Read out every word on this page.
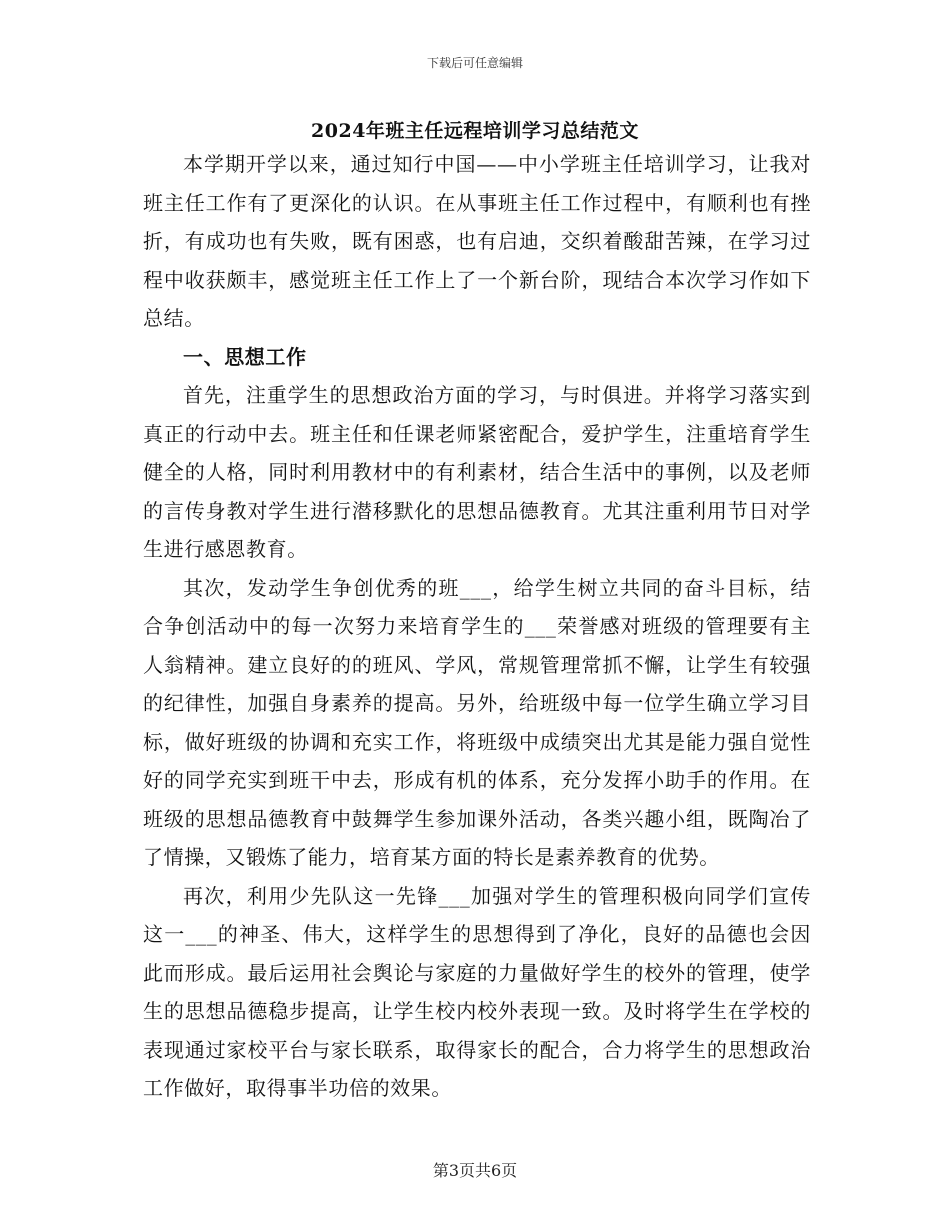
下载后可任意编辑
2024年班主任远程培训学习总结范文

本学期开学以来，通过知行中国——中小学班主任培训学习，让我对班主任工作有了更深化的认识。在从事班主任工作过程中，有顺利也有挫折，有成功也有失败，既有困惑，也有启迪，交织着酸甜苦辣，在学习过程中收获颇丰，感觉班主任工作上了一个新台阶，现结合本次学习作如下总结。

一、思想工作

首先，注重学生的思想政治方面的学习，与时俱进。并将学习落实到真正的行动中去。班主任和任课老师紧密配合，爱护学生，注重培育学生健全的人格，同时利用教材中的有利素材，结合生活中的事例，以及老师的言传身教对学生进行潜移默化的思想品德教育。尤其注重利用节日对学生进行感恩教育。

其次，发动学生争创优秀的班___，给学生树立共同的奋斗目标，结合争创活动中的每一次努力来培育学生的___荣誉感对班级的管理要有主人翁精神。建立良好的的班风、学风，常规管理常抓不懈，让学生有较强的纪律性，加强自身素养的提高。另外，给班级中每一位学生确立学习目标，做好班级的协调和充实工作，将班级中成绩突出尤其是能力强自觉性好的同学充实到班干中去，形成有机的体系，充分发挥小助手的作用。在班级的思想品德教育中鼓舞学生参加课外活动，各类兴趣小组，既陶冶了了情操，又锻炼了能力，培育某方面的特长是素养教育的优势。

再次，利用少先队这一先锋___加强对学生的管理积极向同学们宣传这一___的神圣、伟大，这样学生的思想得到了净化，良好的品德也会因此而形成。最后运用社会舆论与家庭的力量做好学生的校外的管理，使学生的思想品德稳步提高，让学生校内校外表现一致。及时将学生在学校的表现通过家校平台与家长联系，取得家长的配合，合力将学生的思想政治工作做好，取得事半功倍的效果。

第3页共6页
